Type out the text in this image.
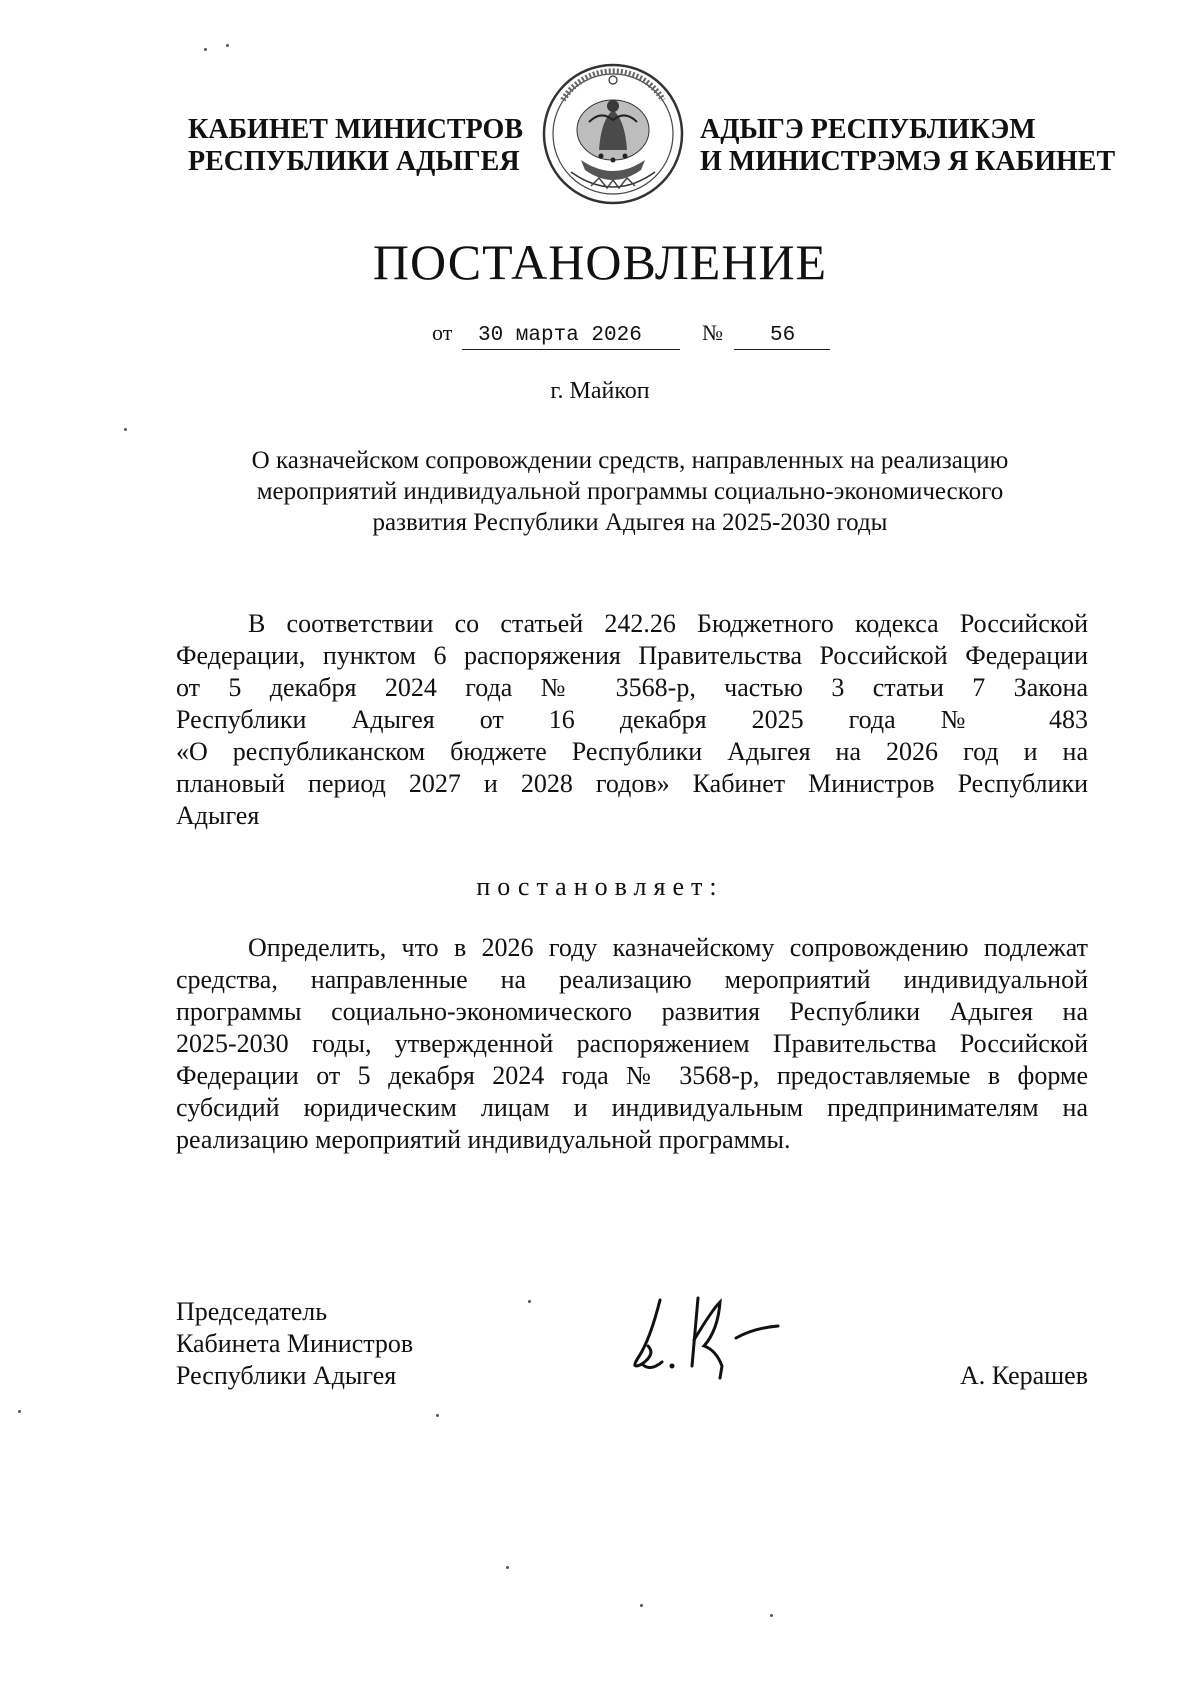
КАБИНЕТ МИНИСТРОВ
РЕСПУБЛИКИ АДЫГЕЯ
АДЫГЭ РЕСПУБЛИКЭМ
И МИНИСТРЭМЭ Я КАБИНЕТ
ПОСТАНОВЛЕНИЕ
от	30 марта 2026	№	56
г. Майкоп
О казначейском сопровождении средств, направленных на реализацию
мероприятий индивидуальной программы социально-экономического
развития Республики Адыгея на 2025-2030 годы
В соответствии со статьей 242.26 Бюджетного кодекса Российской
Федерации, пунктом 6 распоряжения Правительства Российской Федерации
от 5 декабря 2024 года № 3568-р, частью 3 статьи 7 Закона
Республики Адыгея от 16 декабря 2025 года № 483
«О республиканском бюджете Республики Адыгея на 2026 год и на
плановый период 2027 и 2028 годов» Кабинет Министров Республики
Адыгея
постановляет:
Определить, что в 2026 году казначейскому сопровождению подлежат
средства, направленные на реализацию мероприятий индивидуальной
программы социально-экономического развития Республики Адыгея на
2025-2030 годы, утвержденной распоряжением Правительства Российской
Федерации от 5 декабря 2024 года № 3568-р, предоставляемые в форме
субсидий юридическим лицам и индивидуальным предпринимателям на
реализацию мероприятий индивидуальной программы.
Председатель
Кабинета Министров
Республики Адыгея	А. Керашев
